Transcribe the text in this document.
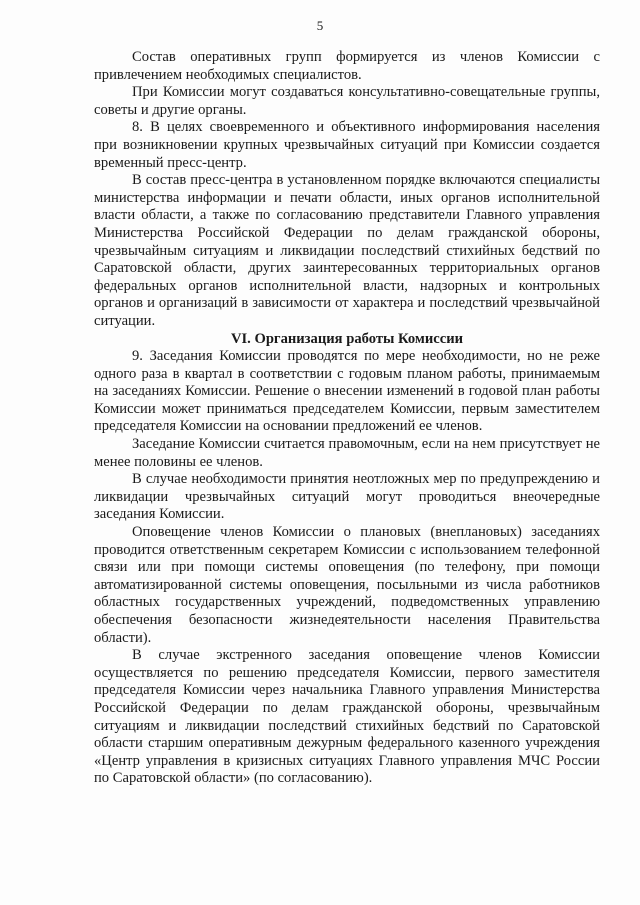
5

Состав оперативных групп формируется из членов Комиссии с привлечением необходимых специалистов.

При Комиссии могут создаваться консультативно-совещательные группы, советы и другие органы.

8. В целях своевременного и объективного информирования населения при возникновении крупных чрезвычайных ситуаций при Комиссии создается временный пресс-центр.

В состав пресс-центра в установленном порядке включаются специалисты министерства информации и печати области, иных органов исполнительной власти области, а также по согласованию представители Главного управления Министерства Российской Федерации по делам гражданской обороны, чрезвычайным ситуациям и ликвидации последствий стихийных бедствий по Саратовской области, других заинтересованных территориальных органов федеральных органов исполнительной власти, надзорных и контрольных органов и организаций в зависимости от характера и последствий чрезвычайной ситуации.

VI. Организация работы Комиссии

9. Заседания Комиссии проводятся по мере необходимости, но не реже одного раза в квартал в соответствии с годовым планом работы, принимаемым на заседаниях Комиссии. Решение о внесении изменений в годовой план работы Комиссии может приниматься председателем Комиссии, первым заместителем председателя Комиссии на основании предложений ее членов.

Заседание Комиссии считается правомочным, если на нем присутствует не менее половины ее членов.

В случае необходимости принятия неотложных мер по предупреждению и ликвидации чрезвычайных ситуаций могут проводиться внеочередные заседания Комиссии.

Оповещение членов Комиссии о плановых (внеплановых) заседаниях проводится ответственным секретарем Комиссии с использованием телефонной связи или при помощи системы оповещения (по телефону, при помощи автоматизированной системы оповещения, посыльными из числа работников областных государственных учреждений, подведомственных управлению обеспечения безопасности жизнедеятельности населения Правительства области).

В случае экстренного заседания оповещение членов Комиссии осуществляется по решению председателя Комиссии, первого заместителя председателя Комиссии через начальника Главного управления Министерства Российской Федерации по делам гражданской обороны, чрезвычайным ситуациям и ликвидации последствий стихийных бедствий по Саратовской области старшим оперативным дежурным федерального казенного учреждения «Центр управления в кризисных ситуациях Главного управления МЧС России по Саратовской области» (по согласованию).
